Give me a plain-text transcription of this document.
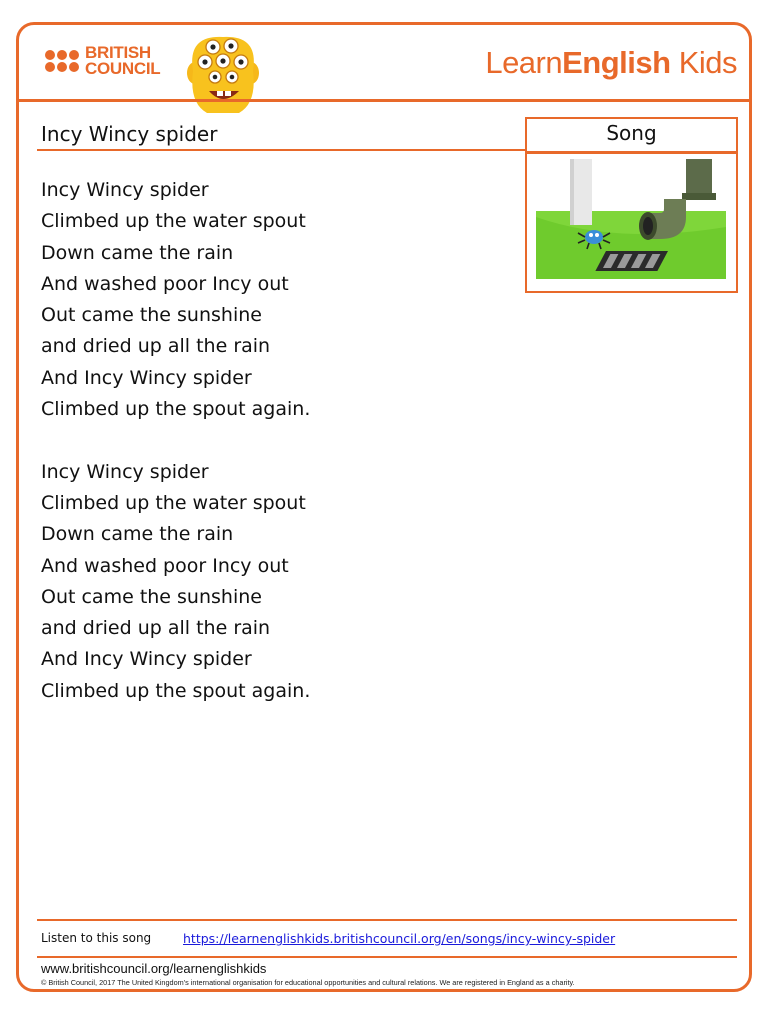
BRITISH
COUNCIL	LearnEnglish Kids
Incy Wincy spider	Song
Incy Wincy spider
Climbed up the water spout
Down came the rain
And washed poor Incy out
Out came the sunshine
and dried up all the rain
And Incy Wincy spider
Climbed up the spout again.
Incy Wincy spider
Climbed up the water spout
Down came the rain
And washed poor Incy out
Out came the sunshine
and dried up all the rain
And Incy Wincy spider
Climbed up the spout again.
Listen to this song	https://learnenglishkids.britishcouncil.org/en/songs/incy-wincy-spider
www.britishcouncil.org/learnenglishkids
© British Council, 2017 The United Kingdom's international organisation for educational opportunities and cultural relations. We are registered in England as a charity.
